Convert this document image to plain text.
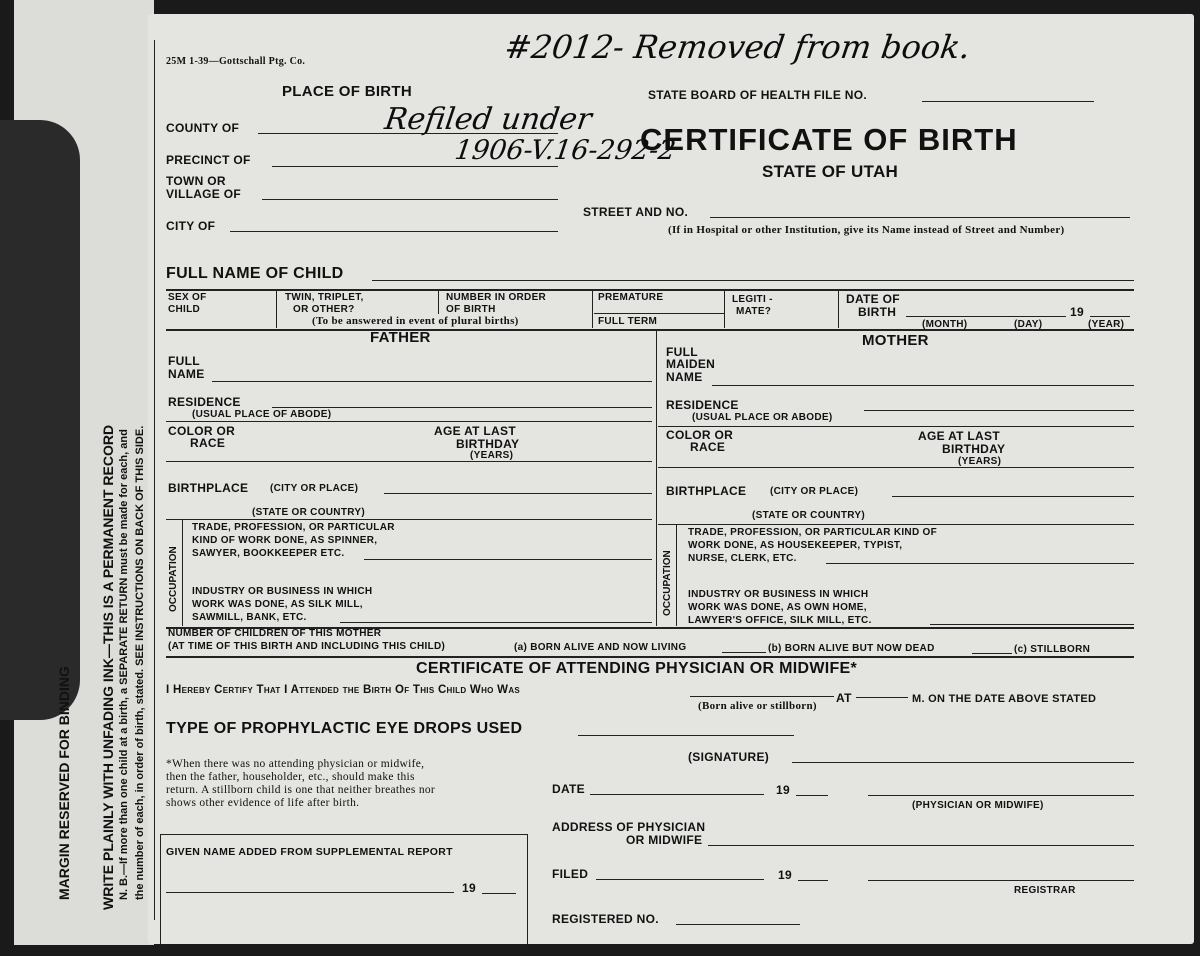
MARGIN RESERVED FOR BINDING WRITE PLAINLY WITH UNFADING INK—THIS IS A PERMANENT RECORD N. B.—If more than one child at a birth, a SEPARATE RETURN must be made for each, and the number of each, in order of birth, stated. SEE INSTRUCTIONS ON BACK OF THIS SIDE.
25M 1-39—Gottschall Ptg. Co.	#2012- Removed from book.
PLACE OF BIRTH	STATE BOARD OF HEALTH FILE NO.
CERTIFICATE OF BIRTH
STATE OF UTAH
COUNTY OF	Refiled under
PRECINCT OF	1906-V.16-292-2
TOWN OR
VILLAGE OF
CITY OF
STREET AND NO.
(If in Hospital or other Institution, give its Name instead of Street and Number)
FULL NAME OF CHILD
SEX OF
CHILD
TWIN, TRIPLET,
OR OTHER?
(To be answered in event of plural births)
NUMBER IN ORDER
OF BIRTH
PREMATURE
FULL TERM
LEGITI -
MATE?
DATE OF
BIRTH	19
(MONTH)	(DAY)	(YEAR)
FATHER
FULL
NAME
RESIDENCE
(USUAL PLACE OF ABODE)
COLOR OR
RACE
AGE AT LAST
BIRTHDAY
(YEARS)
BIRTHPLACE (CITY OR PLACE)
(STATE OR COUNTRY)
OCCUPATION
TRADE, PROFESSION, OR PARTICULAR
KIND OF WORK DONE, AS SPINNER,
SAWYER, BOOKKEEPER ETC.
INDUSTRY OR BUSINESS IN WHICH
WORK WAS DONE, AS SILK MILL,
SAWMILL, BANK, ETC.
MOTHER
FULL
MAIDEN
NAME
RESIDENCE
(USUAL PLACE OR ABODE)
COLOR OR
RACE
AGE AT LAST
BIRTHDAY
(YEARS)
BIRTHPLACE (CITY OR PLACE)
(STATE OR COUNTRY)
OCCUPATION
TRADE, PROFESSION, OR PARTICULAR KIND OF
WORK DONE, AS HOUSEKEEPER, TYPIST,
NURSE, CLERK, ETC.
INDUSTRY OR BUSINESS IN WHICH
WORK WAS DONE, AS OWN HOME,
LAWYER'S OFFICE, SILK MILL, ETC.
NUMBER OF CHILDREN OF THIS MOTHER
(AT TIME OF THIS BIRTH AND INCLUDING THIS CHILD)	(a) BORN ALIVE AND NOW LIVING	(b) BORN ALIVE BUT NOW DEAD	(c) STILLBORN
CERTIFICATE OF ATTENDING PHYSICIAN OR MIDWIFE*
I Hereby Certify That I Attended the Birth Of This Child Who Was
AT	M. ON THE DATE ABOVE STATED
(Born alive or stillborn)
TYPE OF PROPHYLACTIC EYE DROPS USED
(SIGNATURE)
*When there was no attending physician or midwife,
then the father, householder, etc., should make this
return. A stillborn child is one that neither breathes nor
shows other evidence of life after birth.
DATE	19
(PHYSICIAN OR MIDWIFE)
ADDRESS OF PHYSICIAN
OR MIDWIFE
FILED	19
REGISTRAR
REGISTERED NO.
GIVEN NAME ADDED FROM SUPPLEMENTAL REPORT
19
